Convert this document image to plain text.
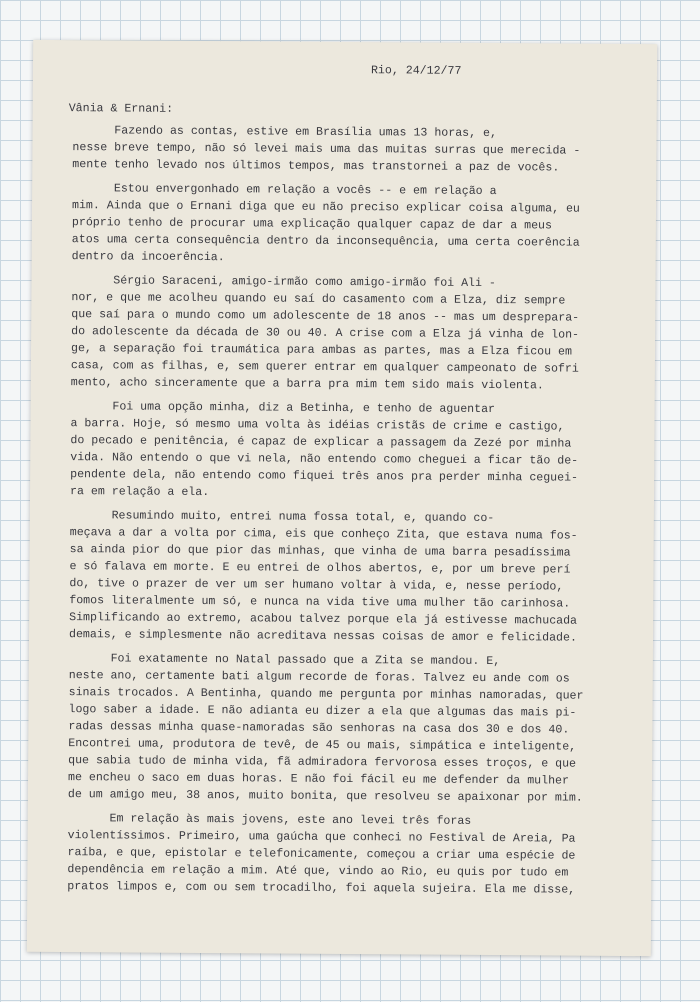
Rio, 24/12/77
Vânia & Ernani:
Fazendo as contas, estive em Brasília umas 13 horas, e,
nesse breve tempo, não só levei mais uma das muitas surras que merecida -
mente tenho levado nos últimos tempos, mas transtornei a paz de vocês.
Estou envergonhado em relação a vocês -- e em relação a
mim. Ainda que o Ernani diga que eu não preciso explicar coisa alguma, eu
próprio tenho de procurar uma explicação qualquer capaz de dar a meus
atos uma certa consequência dentro da inconsequência, uma certa coerência
dentro da incoerência.
Sérgio Saraceni, amigo-irmão como amigo-irmão foi Ali -
nor, e que me acolheu quando eu saí do casamento com a Elza, diz sempre
que saí para o mundo como um adolescente de 18 anos -- mas um despreparа-
do adolescente da década de 30 ou 40. A crise com a Elza já vinha de lon-
ge, a separação foi traumática para ambas as partes, mas a Elza ficou em
casa, com as filhas, e, sem querer entrar em qualquer campeonato de sofri
mento, acho sinceramente que a barra pra mim tem sido mais violenta.
Foi uma opção minha, diz a Betinha, e tenho de aguentar
a barra. Hoje, só mesmo uma volta às idéias cristãs de crime e castigo,
do pecado e penitência, é capaz de explicar a passagem da Zezé por minha
vida. Não entendo o que vi nela, não entendo como cheguei a ficar tão de-
pendente dela, não entendo como fiquei três anos pra perder minha cegueі-
ra em relação a ela.
Resumindo muito, entrei numa fossa total, e, quando co-
meçava a dar a volta por cima, eis que conheço Zita, que estava numa fos-
sa ainda pior do que pior das minhas, que vinha de uma barra pesadíssima
e só falava em morte. E eu entrei de olhos abertos, e, por um breve perí
do, tive o prazer de ver um ser humano voltar à vida, e, nesse período,
fomos literalmente um só, e nunca na vida tive uma mulher tão carinhosa.
Simplificando ao extremo, acabou talvez porque ela já estivesse machucada
demais, e simplesmente não acreditava nessas coisas de amor e felicidade.
Foi exatamente no Natal passado que a Zita se mandou. E,
neste ano, certamente bati algum recorde de foras. Talvez eu ande com os
sinais trocados. A Bentinha, quando me pergunta por minhas namoradas, quer
logo saber a idade. E não adianta eu dizer a ela que algumas das mais pi-
radas dessas minha quase-namoradas são senhoras na casa dos 30 e dos 40.
Encontrei uma, produtora de tevê, de 45 ou mais, simpática e inteligente,
que sabia tudo de minha vida, fã admiradora fervorosa esses troços, e que
me encheu o saco em duas horas. E não foi fácil eu me defender da mulher
de um amigo meu, 38 anos, muito bonita, que resolveu se apaixonar por mim.
Em relação às mais jovens, este ano levei três foras
violentíssimos. Primeiro, uma gaúcha que conheci no Festival de Areia, Pa
raíba, e que, epistolar e telefonicamente, começou a criar uma espécie de
dependência em relação a mim. Até que, vindo ao Rio, eu quis por tudo em
pratos limpos e, com ou sem trocadilho, foi aquela sujeira. Ela me disse,
